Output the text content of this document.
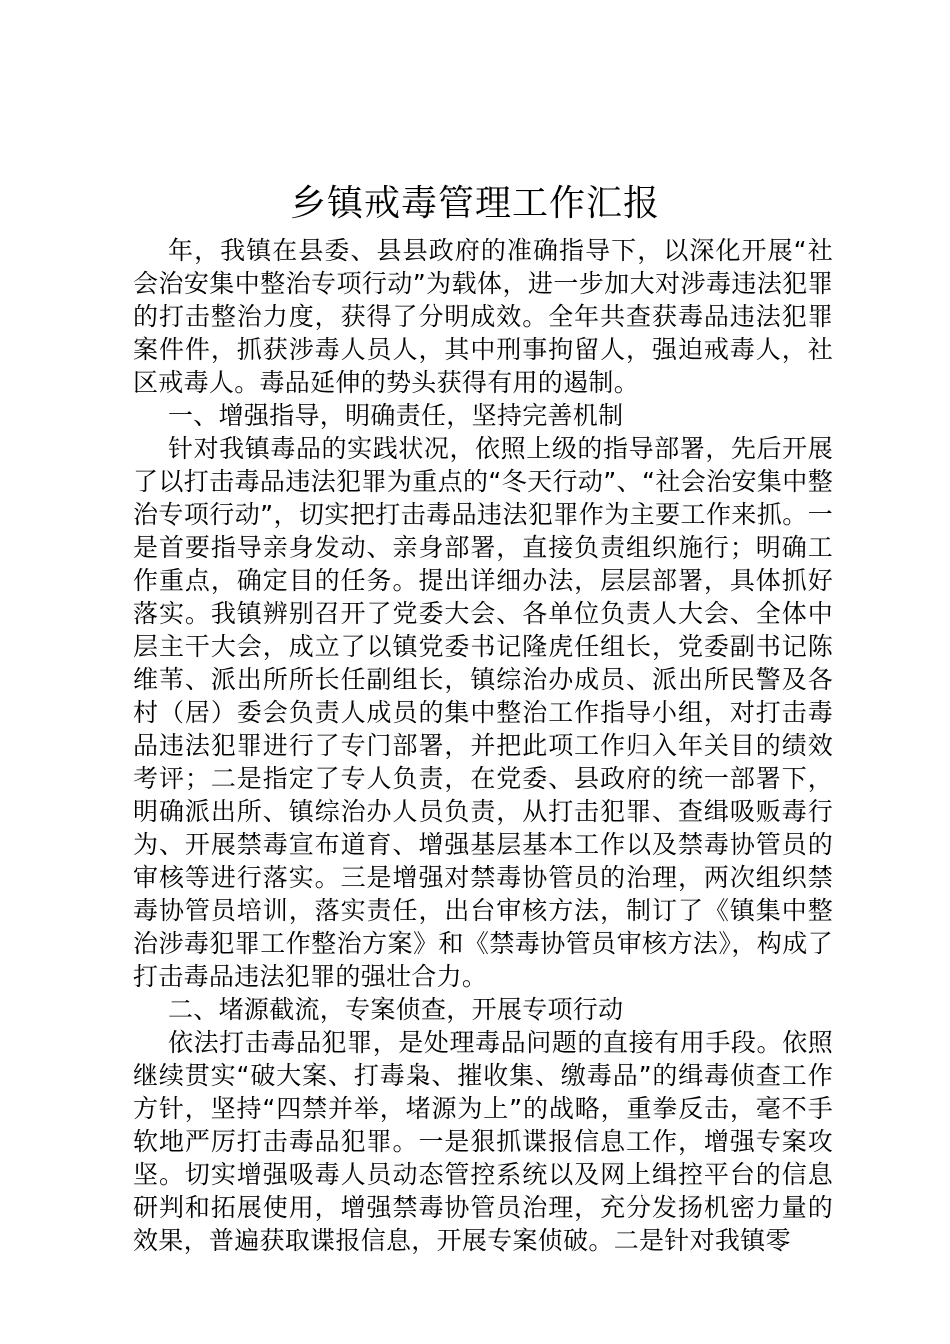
乡镇戒毒管理工作汇报

年，我镇在县委、县县政府的准确指导下，以深化开展“社会治安集中整治专项行动”为载体，进一步加大对涉毒违法犯罪的打击整治力度，获得了分明成效。全年共查获毒品违法犯罪案件件，抓获涉毒人员人，其中刑事拘留人，强迫戒毒人，社区戒毒人。毒品延伸的势头获得有用的遏制。

一、增强指导，明确责任，坚持完善机制

针对我镇毒品的实践状况，依照上级的指导部署，先后开展了以打击毒品违法犯罪为重点的“冬天行动”、“社会治安集中整治专项行动”，切实把打击毒品违法犯罪作为主要工作来抓。一是首要指导亲身发动、亲身部署，直接负责组织施行；明确工作重点，确定目的任务。提出详细办法，层层部署，具体抓好落实。我镇辨别召开了党委大会、各单位负责人大会、全体中层主干大会，成立了以镇党委书记隆虎任组长，党委副书记陈维苇、派出所所长任副组长，镇综治办成员、派出所民警及各村（居）委会负责人成员的集中整治工作指导小组，对打击毒品违法犯罪进行了专门部署，并把此项工作归入年关目的绩效考评；二是指定了专人负责，在党委、县政府的统一部署下，明确派出所、镇综治办人员负责，从打击犯罪、查缉吸贩毒行为、开展禁毒宣布道育、增强基层基本工作以及禁毒协管员的审核等进行落实。三是增强对禁毒协管员的治理，两次组织禁毒协管员培训，落实责任，出台审核方法，制订了《镇集中整治涉毒犯罪工作整治方案》和《禁毒协管员审核方法》，构成了打击毒品违法犯罪的强壮合力。

二、堵源截流，专案侦查，开展专项行动

依法打击毒品犯罪，是处理毒品问题的直接有用手段。依照继续贯实“破大案、打毒枭、摧收集、缴毒品”的缉毒侦查工作方针，坚持“四禁并举，堵源为上”的战略，重拳反击，毫不手软地严厉打击毒品犯罪。一是狠抓谍报信息工作，增强专案攻坚。切实增强吸毒人员动态管控系统以及网上缉控平台的信息研判和拓展使用，增强禁毒协管员治理，充分发扬机密力量的效果，普遍获取谍报信息，开展专案侦破。二是针对我镇零
